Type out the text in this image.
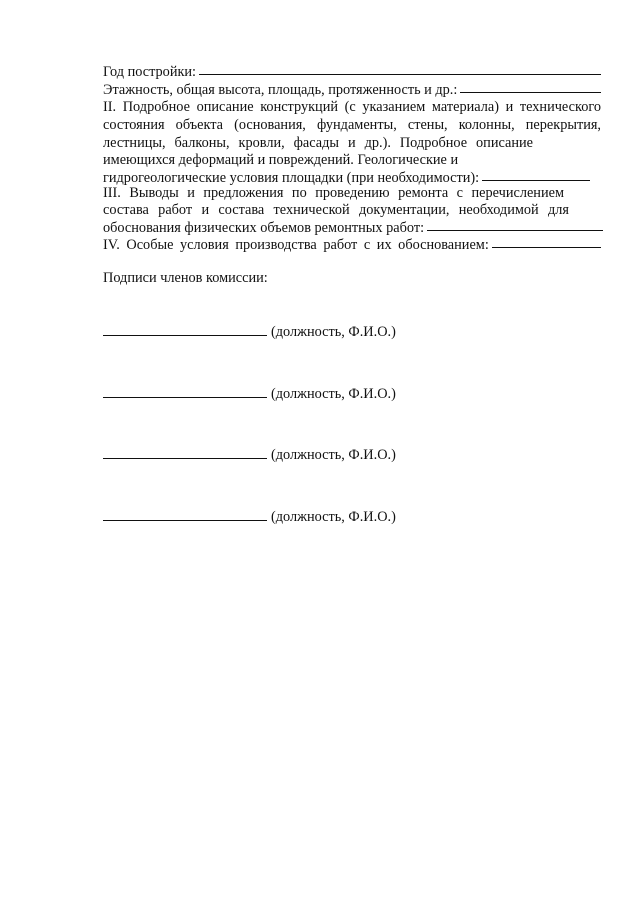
Год постройки:
Этажность, общая высота, площадь, протяженность и др.:
II. Подробное описание конструкций (с указанием материала) и технического
состояния объекта (основания, фундаменты, стены, колонны, перекрытия,
лестницы, балконы, кровли, фасады и др.). Подробное описание
имеющихся деформаций и повреждений. Геологические и
гидрогеологические условия площадки (при необходимости):
III. Выводы и предложения по проведению ремонта с перечислением
состава работ и состава технической документации, необходимой для
обоснования физических объемов ремонтных работ:
IV. Особые условия производства работ с их обоснованием:
Подписи членов комиссии:
(должность, Ф.И.О.)
(должность, Ф.И.О.)
(должность, Ф.И.О.)
(должность, Ф.И.О.)
